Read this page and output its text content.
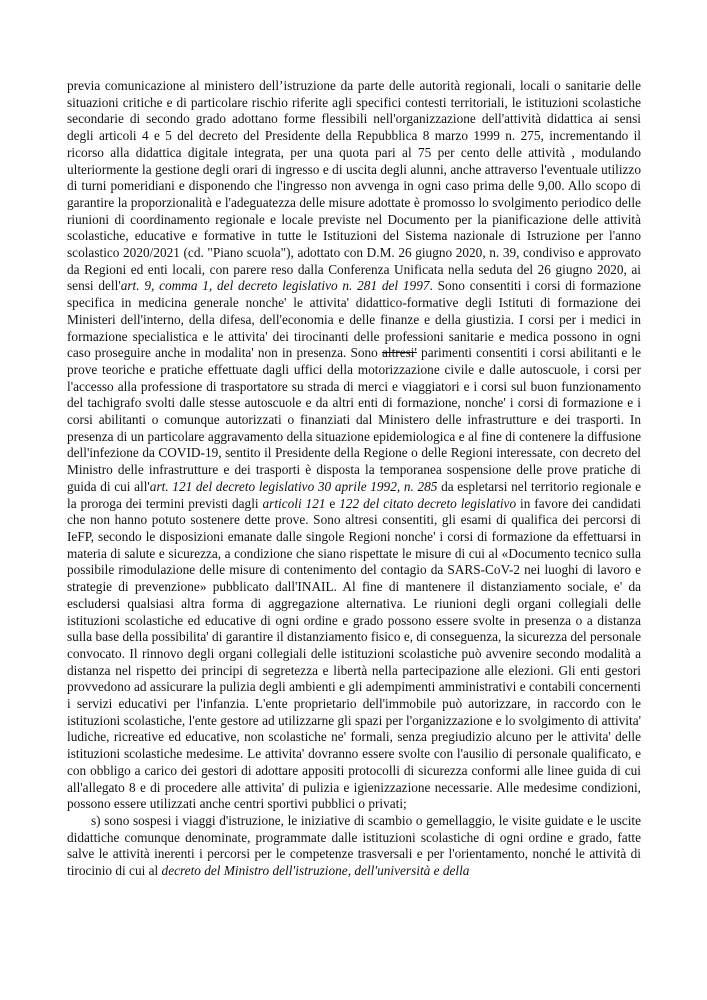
previa comunicazione al ministero dell’istruzione da parte delle autorità regionali, locali o sanitarie delle situazioni critiche e di particolare rischio riferite agli specifici contesti territoriali, le istituzioni scolastiche secondarie di secondo grado adottano forme flessibili nell'organizzazione dell'attività didattica ai sensi degli articoli 4 e 5 del decreto del Presidente della Repubblica 8 marzo 1999 n. 275, incrementando il ricorso alla didattica digitale integrata, per una quota pari al 75 per cento delle attività , modulando ulteriormente la gestione degli orari di ingresso e di uscita degli alunni, anche attraverso l'eventuale utilizzo di turni pomeridiani e disponendo che l'ingresso non avvenga in ogni caso prima delle 9,00. Allo scopo di garantire la proporzionalità e l'adeguatezza delle misure adottate è promosso lo svolgimento periodico delle riunioni di coordinamento regionale e locale previste nel Documento per la pianificazione delle attività scolastiche, educative e formative in tutte le Istituzioni del Sistema nazionale di Istruzione per l'anno scolastico 2020/2021 (cd. "Piano scuola"), adottato con D.M. 26 giugno 2020, n. 39, condiviso e approvato da Regioni ed enti locali, con parere reso dalla Conferenza Unificata nella seduta del 26 giugno 2020, ai sensi dell'art. 9, comma 1, del decreto legislativo n. 281 del 1997. Sono consentiti i corsi di formazione specifica in medicina generale nonche' le attivita' didattico-formative degli Istituti di formazione dei Ministeri dell'interno, della difesa, dell'economia e delle finanze e della giustizia. I corsi per i medici in formazione specialistica e le attivita' dei tirocinanti delle professioni sanitarie e medica possono in ogni caso proseguire anche in modalita' non in presenza. Sono altresi' parimenti consentiti i corsi abilitanti e le prove teoriche e pratiche effettuate dagli uffici della motorizzazione civile e dalle autoscuole, i corsi per l'accesso alla professione di trasportatore su strada di merci e viaggiatori e i corsi sul buon funzionamento del tachigrafo svolti dalle stesse autoscuole e da altri enti di formazione, nonche' i corsi di formazione e i corsi abilitanti o comunque autorizzati o finanziati dal Ministero delle infrastrutture e dei trasporti. In presenza di un particolare aggravamento della situazione epidemiologica e al fine di contenere la diffusione dell'infezione da COVID-19, sentito il Presidente della Regione o delle Regioni interessate, con decreto del Ministro delle infrastrutture e dei trasporti è disposta la temporanea sospensione delle prove pratiche di guida di cui all'art. 121 del decreto legislativo 30 aprile 1992, n. 285 da espletarsi nel territorio regionale e la proroga dei termini previsti dagli articoli 121 e 122 del citato decreto legislativo in favore dei candidati che non hanno potuto sostenere dette prove. Sono altresi consentiti, gli esami di qualifica dei percorsi di IeFP, secondo le disposizioni emanate dalle singole Regioni nonche' i corsi di formazione da effettuarsi in materia di salute e sicurezza, a condizione che siano rispettate le misure di cui al «Documento tecnico sulla possibile rimodulazione delle misure di contenimento del contagio da SARS-CoV-2 nei luoghi di lavoro e strategie di prevenzione» pubblicato dall'INAIL. Al fine di mantenere il distanziamento sociale, e' da escludersi qualsiasi altra forma di aggregazione alternativa. Le riunioni degli organi collegiali delle istituzioni scolastiche ed educative di ogni ordine e grado possono essere svolte in presenza o a distanza sulla base della possibilita' di garantire il distanziamento fisico e, di conseguenza, la sicurezza del personale convocato. Il rinnovo degli organi collegiali delle istituzioni scolastiche può avvenire secondo modalità a distanza nel rispetto dei principi di segretezza e libertà nella partecipazione alle elezioni. Gli enti gestori provvedono ad assicurare la pulizia degli ambienti e gli adempimenti amministrativi e contabili concernenti i servizi educativi per l'infanzia. L'ente proprietario dell'immobile può autorizzare, in raccordo con le istituzioni scolastiche, l'ente gestore ad utilizzarne gli spazi per l'organizzazione e lo svolgimento di attivita' ludiche, ricreative ed educative, non scolastiche ne' formali, senza pregiudizio alcuno per le attivita' delle istituzioni scolastiche medesime. Le attivita' dovranno essere svolte con l'ausilio di personale qualificato, e con obbligo a carico dei gestori di adottare appositi protocolli di sicurezza conformi alle linee guida di cui all'allegato 8 e di procedere alle attivita' di pulizia e igienizzazione necessarie. Alle medesime condizioni, possono essere utilizzati anche centri sportivi pubblici o privati;

s) sono sospesi i viaggi d'istruzione, le iniziative di scambio o gemellaggio, le visite guidate e le uscite didattiche comunque denominate, programmate dalle istituzioni scolastiche di ogni ordine e grado, fatte salve le attività inerenti i percorsi per le competenze trasversali e per l'orientamento, nonché le attività di tirocinio di cui al decreto del Ministro dell'istruzione, dell'università e della
